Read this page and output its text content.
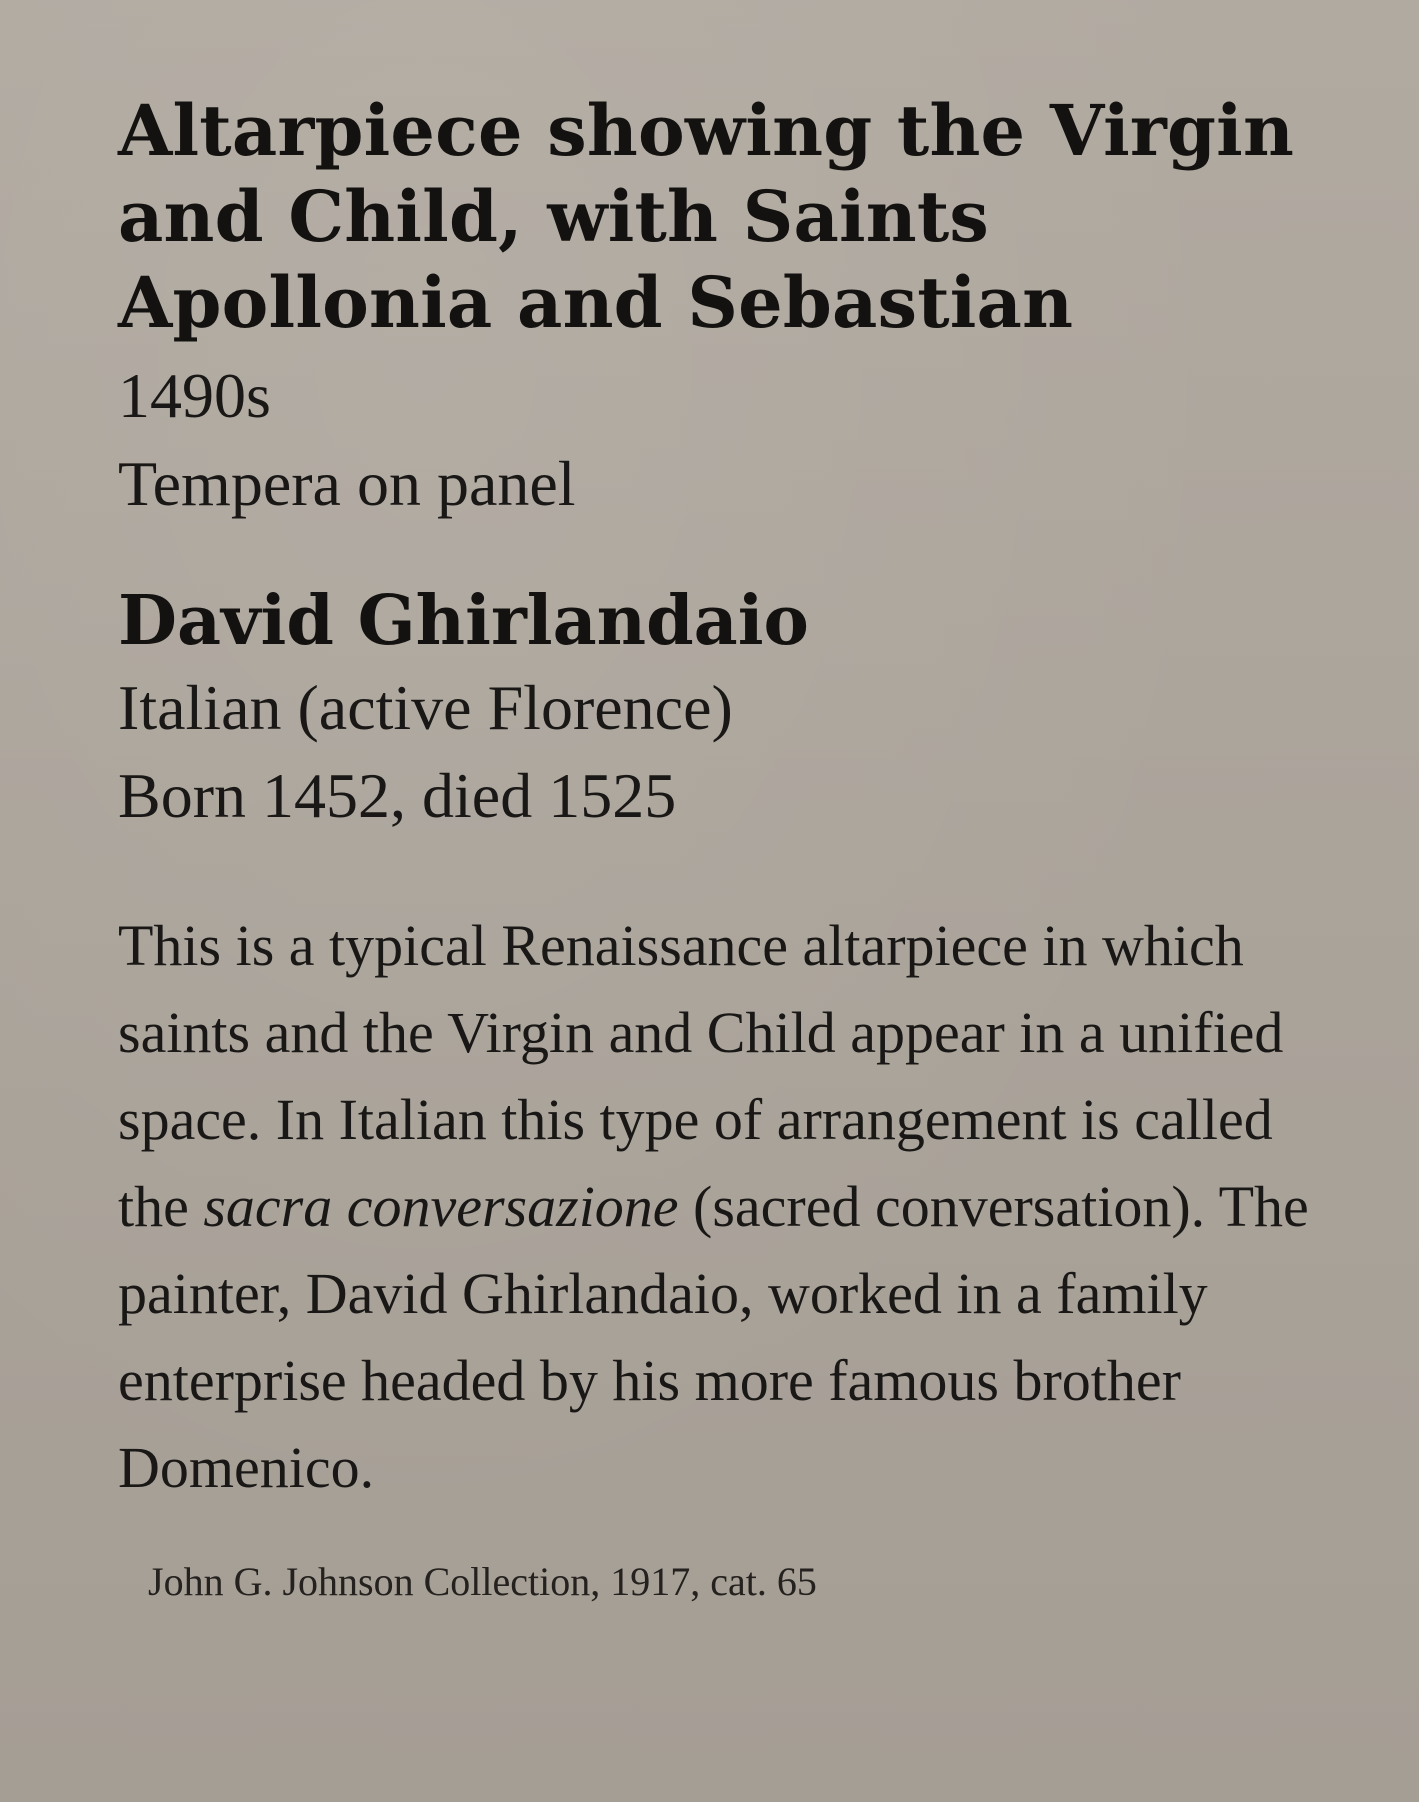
Altarpiece showing the Virgin and Child, with Saints Apollonia and Sebastian

1490s

Tempera on panel

David Ghirlandaio

Italian (active Florence)

Born 1452, died 1525

This is a typical Renaissance altarpiece in which saints and the Virgin and Child appear in a unified space. In Italian this type of arrangement is called the sacra conversazione (sacred conversation). The painter, David Ghirlandaio, worked in a family enterprise headed by his more famous brother Domenico.

John G. Johnson Collection, 1917, cat. 65
